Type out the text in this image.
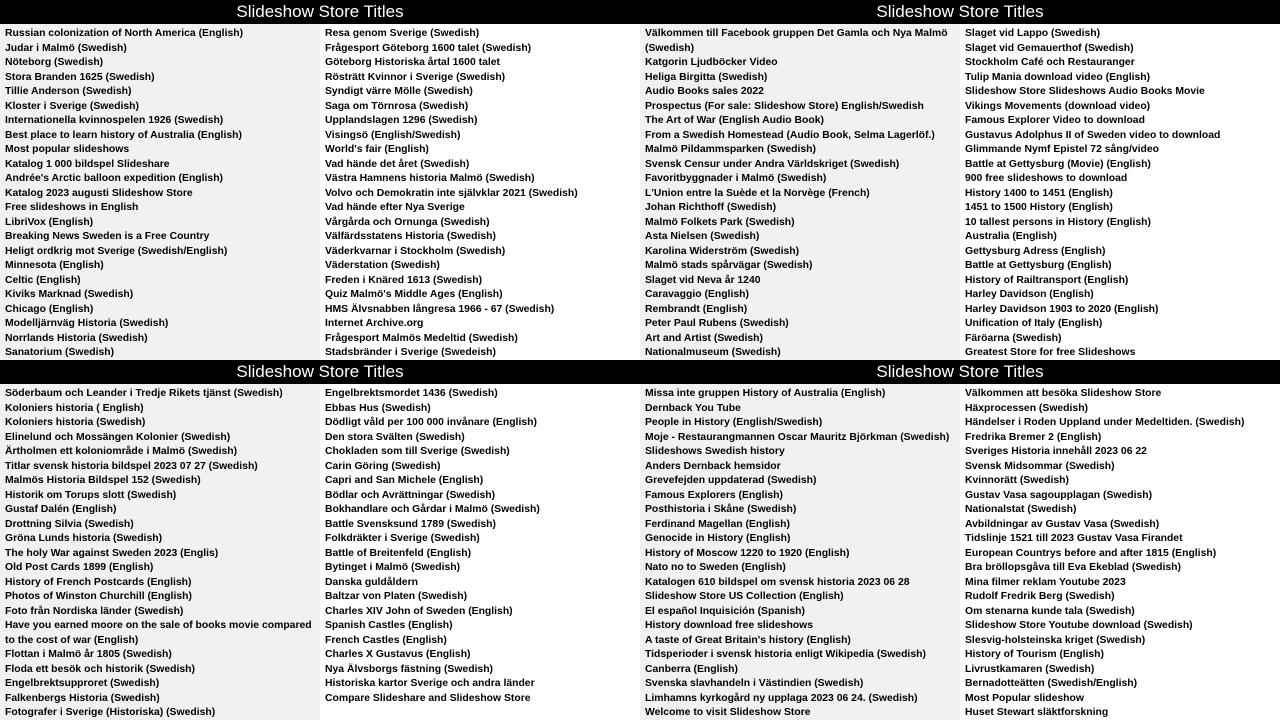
Slideshow Store Titles
Russian colonization of North America (English)
Judar i Malmö (Swedish)
Nöteborg (Swedish)
Stora Branden 1625 (Swedish)
Tillie Anderson (Swedish)
Kloster i Sverige (Swedish)
Internationella kvinnospelen 1926 (Swedish)
Best place to learn history of Australia (English)
Most popular slideshows
Katalog 1 000 bildspel Slideshare
Andrée's Arctic balloon expedition (English)
Katalog 2023 augusti Slideshow Store
Free slideshows in English
LibriVox (English)
Breaking News Sweden is a Free Country
Heligt ordkrig mot Sverige (Swedish/English)
Minnesota (English)
Celtic (English)
Kiviks Marknad (Swedish)
Chicago (English)
Modelljärnväg Historia (Swedish)
Norrlands Historia (Swedish)
Sanatorium (Swedish)
Resa genom Sverige (Swedish)
Frågesport Göteborg 1600 talet (Swedish)
Göteborg Historiska årtal 1600 talet
Rösträtt Kvinnor i Sverige (Swedish)
Syndigt värre Mölle (Swedish)
Saga om Törnrosa (Swedish)
Upplandslagen 1296 (Swedish)
Visingsö (English/Swedish)
World's fair (English)
Vad hände det året (Swedish)
Västra Hamnens historia Malmö (Swedish)
Volvo och Demokratin inte självklar 2021 (Swedish)
Vad hände efter Nya Sverige
Vårgårda och Ornunga (Swedish)
Välfärdsstatens Historia (Swedish)
Väderkvarnar i Stockholm (Swedish)
Väderstation (Swedish)
Freden i Knäred 1613 (Swedish)
Quiz Malmö's Middle Ages (English)
HMS Älvsnabben långresa 1966 - 67 (Swedish)
Internet Archive.org
Frågesport Malmös Medeltid (Swedish)
Stadsbränder i Sverige (Swedeish)
Slideshow Store Titles
Välkommen till Facebook gruppen Det Gamla och Nya Malmö (Swedish)
Katgorin Ljudböcker Video
Heliga Birgitta (Swedish)
Audio Books sales 2022
Prospectus (For sale: Slideshow Store) English/Swedish
The Art of War (English Audio Book)
From a Swedish Homestead (Audio Book, Selma Lagerlöf.)
Malmö Pildammsparken (Swedish)
Svensk Censur under Andra Världskriget (Swedish)
Favoritbyggnader i Malmö (Swedish)
L'Union entre la Suède et la Norvège (French)
Johan Richthoff (Swedish)
Malmö Folkets Park (Swedish)
Asta Nielsen (Swedish)
Karolina Widerström (Swedish)
Malmö stads spårvägar (Swedish)
Slaget vid Neva år 1240
Caravaggio (English)
Rembrandt (English)
Peter Paul Rubens (Swedish)
Art and Artist (Swedish)
Nationalmuseum (Swedish)
Slaget vid Lappo (Swedish)
Slaget vid Gemauerthof (Swedish)
Stockholm Café och Restauranger
Tulip Mania download video (English)
Slideshow Store Slideshows Audio Books Movie
Vikings Movements (download video)
Famous Explorer Video to download
Gustavus Adolphus II of Sweden video to download
Glimmande Nymf Epistel 72 sång/video
Battle at Gettysburg (Movie) (English)
900 free slideshows to download
History 1400 to 1451 (English)
1451 to 1500 History (English)
10 tallest persons in History (English)
Australia (English)
Gettysburg Adress (English)
Battle at Gettysburg (English)
History of Railtransport (English)
Harley Davidson (English)
Harley Davidson 1903 to 2020 (English)
Unification of Italy (English)
Färöarna (Swedish)
Greatest Store for free Slideshows
Slideshow Store Titles
Söderbaum och Leander i Tredje Rikets tjänst (Swedish)
Koloniers historia ( English)
Koloniers historia (Swedish)
Elinelund och Mossängen Kolonier (Swedish)
Ärtholmen ett koloniområde i Malmö (Swedish)
Titlar svensk historia bildspel 2023 07 27 (Swedish)
Malmös Historia Bildspel 152 (Swedish)
Historik om Torups slott (Swedish)
Gustaf Dalén (English)
Drottning Silvia (Swedish)
Gröna Lunds historia (Swedish)
The holy War against Sweden 2023 (Englis)
Old Post Cards 1899 (English)
History of French Postcards (English)
Photos of Winston Churchill (English)
Foto från Nordiska länder (Swedish)
Have you earned moore on the sale of books movie compared to the cost of war (English)
Flottan i Malmö år 1805 (Swedish)
Floda ett besök och historik (Swedish)
Engelbrektsupproret (Swedish)
Falkenbergs Historia (Swedish)
Fotografer i Sverige (Historiska) (Swedish)
Engelbrektsmordet 1436 (Swedish)
Ebbas Hus (Swedish)
Dödligt våld per 100 000 invånare (English)
Den stora Svälten (Swedish)
Chokladen som till Sverige (Swedish)
Carin Göring (Swedish)
Capri and San Michele (English)
Bödlar och Avrättningar (Swedish)
Bokhandlare och Gårdar i Malmö (Swedish)
Battle Svensksund 1789 (Swedish)
Folkdräkter i Sverige (Swedish)
Battle of Breitenfeld (English)
Bytinget i Malmö (Swedish)
Danska guldåldern
Baltzar von Platen (Swedish)
Charles XIV John of Sweden (English)
Spanish Castles (English)
French Castles (English)
Charles X Gustavus (English)
Nya Älvsborgs fästning (Swedish)
Historiska kartor Sverige och andra länder
Compare Slideshare and Slideshow Store
Slideshow Store Titles
Missa inte gruppen History of Australia (English)
Dernback You Tube
People in History (English/Swedish)
Moje - Restaurangmannen Oscar Mauritz Björkman (Swedish)
Slideshows Swedish history
Anders Dernback hemsidor
Grevefejden uppdaterad (Swedish)
Famous Explorers (English)
Posthistoria i Skåne (Swedish)
Ferdinand Magellan (English)
Genocide in History (English)
History of Moscow 1220 to 1920 (English)
Nato no to Sweden (English)
Katalogen 610 bildspel om svensk historia 2023 06 28
Slideshow Store US Collection (English)
El español Inquisición (Spanish)
History download free slideshows
A taste of Great Britain's history (English)
Tidsperioder i svensk historia enligt Wikipedia (Swedish)
Canberra (English)
Svenska slavhandeln i Västindien (Swedish)
Limhamns kyrkogård ny upplaga 2023 06 24. (Swedish)
Welcome to visit Slideshow Store
Välkommen att besöka Slideshow Store
Häxprocessen (Swedish)
Händelser i Roden Uppland under Medeltiden. (Swedish)
Fredrika Bremer 2 (English)
Sveriges Historia innehåll 2023 06 22
Svensk Midsommar (Swedish)
Kvinnorätt (Swedish)
Gustav Vasa sagoupplagan (Swedish)
Nationalstat (Swedish)
Avbildningar av Gustav Vasa (Swedish)
Tidslinje 1521 till 2023 Gustav Vasa Firandet
European Countrys before and after 1815 (English)
Bra bröllopsgåva till Eva Ekeblad (Swedish)
Mina filmer reklam Youtube 2023
Rudolf Fredrik Berg (Swedish)
Om stenarna kunde tala (Swedish)
Slideshow Store Youtube download (Swedish)
Slesvig-holsteinska kriget (Swedish)
History of Tourism (English)
Livrustkamaren (Swedish)
Bernadotteätten (Swedish/English)
Most Popular slideshow
Huset Stewart släktforskning
